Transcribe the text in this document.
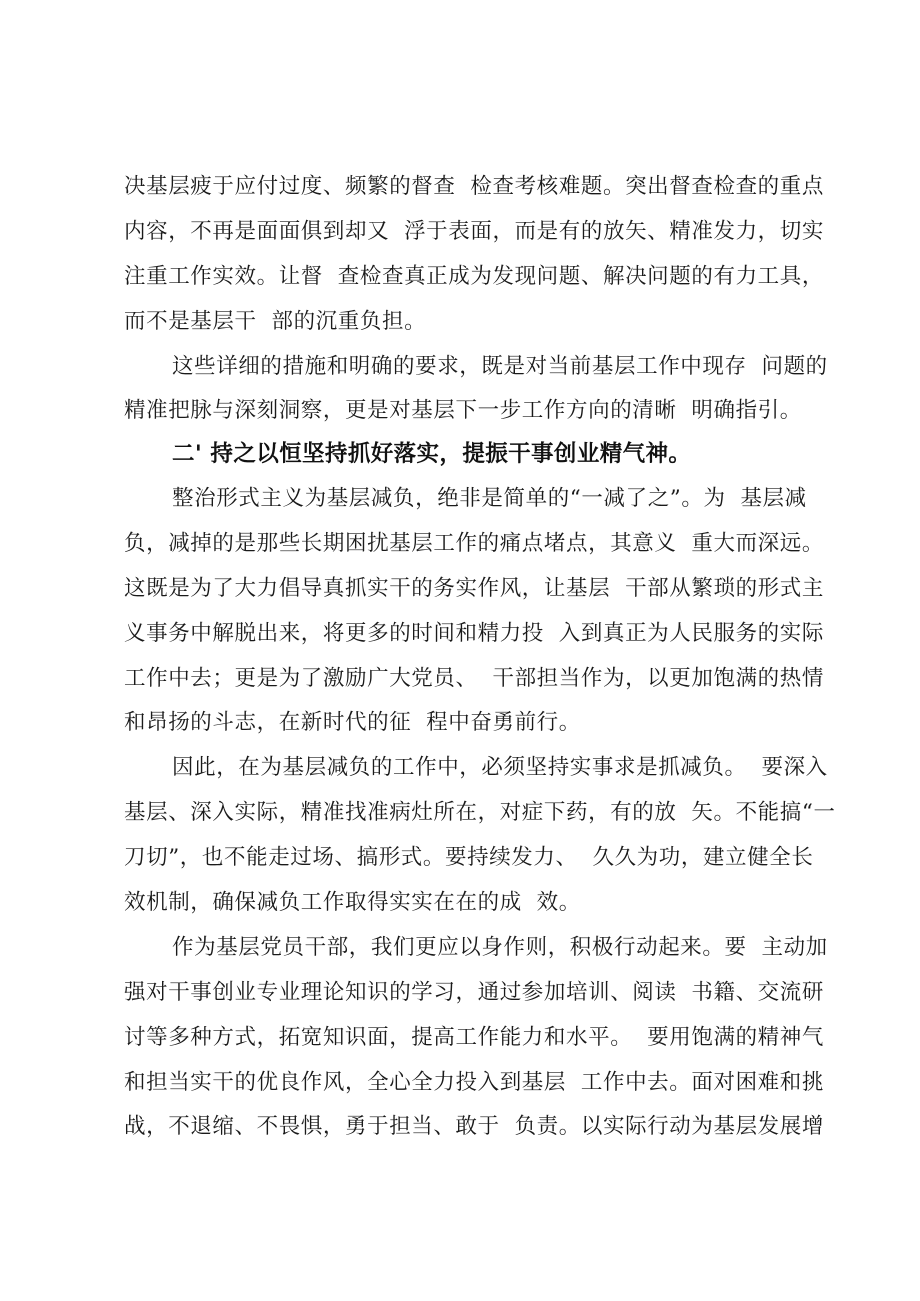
决基层疲于应付过度、频繁的督查  检查考核难题。突出督查检查的重点
内容，不再是面面俱到却又  浮于表面，而是有的放矢、精准发力，切实
注重工作实效。让督  查检查真正成为发现问题、解决问题的有力工具，
而不是基层干  部的沉重负担。
这些详细的措施和明确的要求，既是对当前基层工作中现存  问题的
精准把脉与深刻洞察，更是对基层下一步工作方向的清晰  明确指引。
二' 持之以恒坚持抓好落实，提振干事创业精气神。
整治形式主义为基层减负，绝非是简单的“一减了之”。为  基层减
负，减掉的是那些长期困扰基层工作的痛点堵点，其意义  重大而深远。
这既是为了大力倡导真抓实干的务实作风，让基层  干部从繁琐的形式主
义事务中解脱出来，将更多的时间和精力投  入到真正为人民服务的实际
工作中去；更是为了激励广大党员、  干部担当作为，以更加饱满的热情
和昂扬的斗志，在新时代的征  程中奋勇前行。
因此，在为基层减负的工作中，必须坚持实事求是抓减负。  要深入
基层、深入实际，精准找准病灶所在，对症下药，有的放  矢。不能搞“一
刀切”，也不能走过场、搞形式。要持续发力、  久久为功，建立健全长
效机制，确保减负工作取得实实在在的成  效。
作为基层党员干部，我们更应以身作则，积极行动起来。要  主动加
强对干事创业专业理论知识的学习，通过参加培训、阅读  书籍、交流研
讨等多种方式，拓宽知识面，提高工作能力和水平。  要用饱满的精神气
和担当实干的优良作风，全心全力投入到基层  工作中去。面对困难和挑
战，不退缩、不畏惧，勇于担当、敢于  负责。以实际行动为基层发展增
